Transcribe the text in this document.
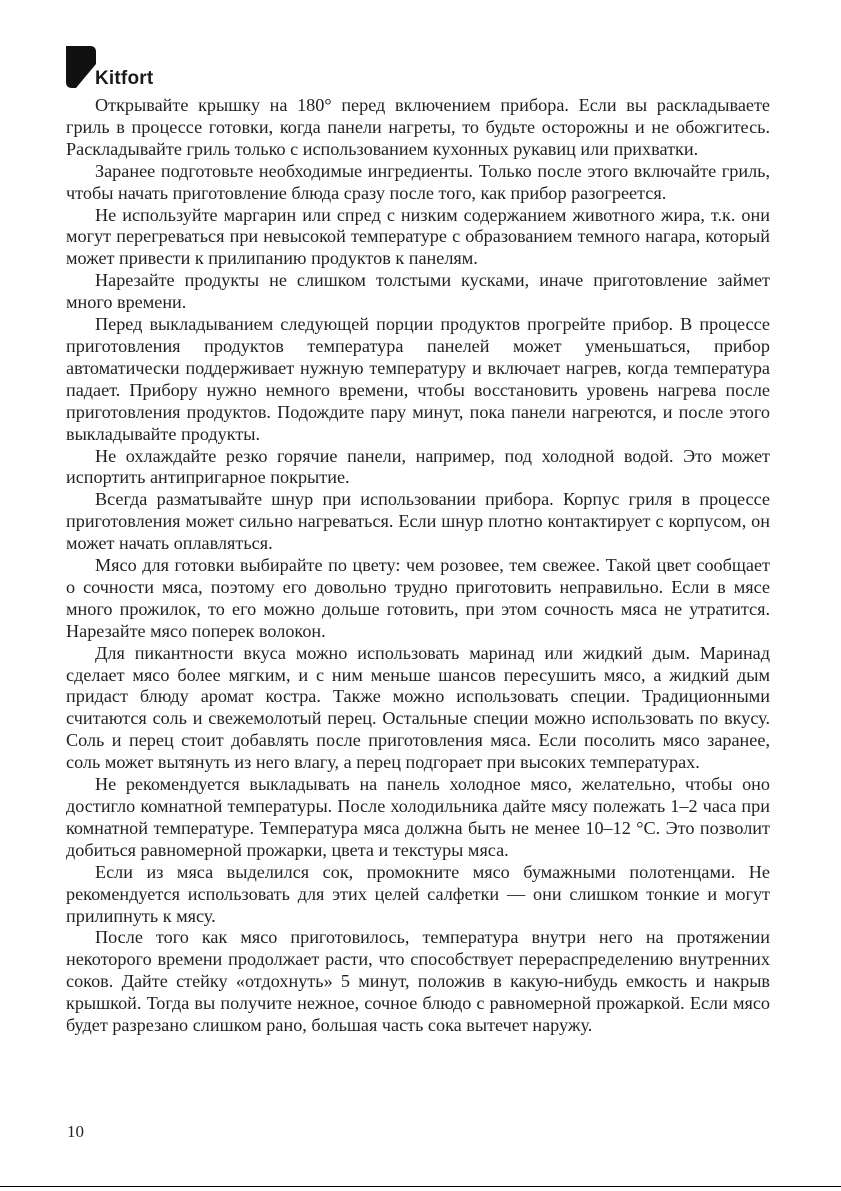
Kitfort

Открывайте крышку на 180° перед включением прибора. Если вы раскладываете гриль в процессе готовки, когда панели нагреты, то будьте осторожны и не обожгитесь. Раскладывайте гриль только с использованием кухонных рукавиц или прихватки.

Заранее подготовьте необходимые ингредиенты. Только после этого включайте гриль, чтобы начать приготовление блюда сразу после того, как прибор разогреется.

Не используйте маргарин или спред с низким содержанием животного жира, т.к. они могут перегреваться при невысокой температуре с образованием темного нагара, который может привести к прилипанию продуктов к панелям.

Нарезайте продукты не слишком толстыми кусками, иначе приготовление займет много времени.

Перед выкладыванием следующей порции продуктов прогрейте прибор. В процессе приготовления продуктов температура панелей может уменьшаться, прибор автоматически поддерживает нужную температуру и включает нагрев, когда температура падает. Прибору нужно немного времени, чтобы восстановить уровень нагрева после приготовления продуктов. Подождите пару минут, пока панели нагреются, и после этого выкладывайте продукты.

Не охлаждайте резко горячие панели, например, под холодной водой. Это может испортить антипригарное покрытие.

Всегда разматывайте шнур при использовании прибора. Корпус гриля в процессе приготовления может сильно нагреваться. Если шнур плотно контактирует с корпусом, он может начать оплавляться.

Мясо для готовки выбирайте по цвету: чем розовее, тем свежее. Такой цвет сообщает о сочности мяса, поэтому его довольно трудно приготовить неправильно. Если в мясе много прожилок, то его можно дольше готовить, при этом сочность мяса не утратится. Нарезайте мясо поперек волокон.

Для пикантности вкуса можно использовать маринад или жидкий дым. Маринад сделает мясо более мягким, и с ним меньше шансов пересушить мясо, а жидкий дым придаст блюду аромат костра. Также можно использовать специи. Традиционными считаются соль и свежемолотый перец. Остальные специи можно использовать по вкусу. Соль и перец стоит добавлять после приготовления мяса. Если посолить мясо заранее, соль может вытянуть из него влагу, а перец подгорает при высоких температурах.

Не рекомендуется выкладывать на панель холодное мясо, желательно, чтобы оно достигло комнатной температуры. После холодильника дайте мясу полежать 1–2 часа при комнатной температуре. Температура мяса должна быть не менее 10–12 °С. Это позволит добиться равномерной прожарки, цвета и текстуры мяса.

Если из мяса выделился сок, промокните мясо бумажными полотенцами. Не рекомендуется использовать для этих целей салфетки — они слишком тонкие и могут прилипнуть к мясу.

После того как мясо приготовилось, температура внутри него на протяжении некоторого времени продолжает расти, что способствует перераспределению внутренних соков. Дайте стейку «отдохнуть» 5 минут, положив в какую-нибудь емкость и накрыв крышкой. Тогда вы получите нежное, сочное блюдо с равномерной прожаркой. Если мясо будет разрезано слишком рано, большая часть сока вытечет наружу.

10
